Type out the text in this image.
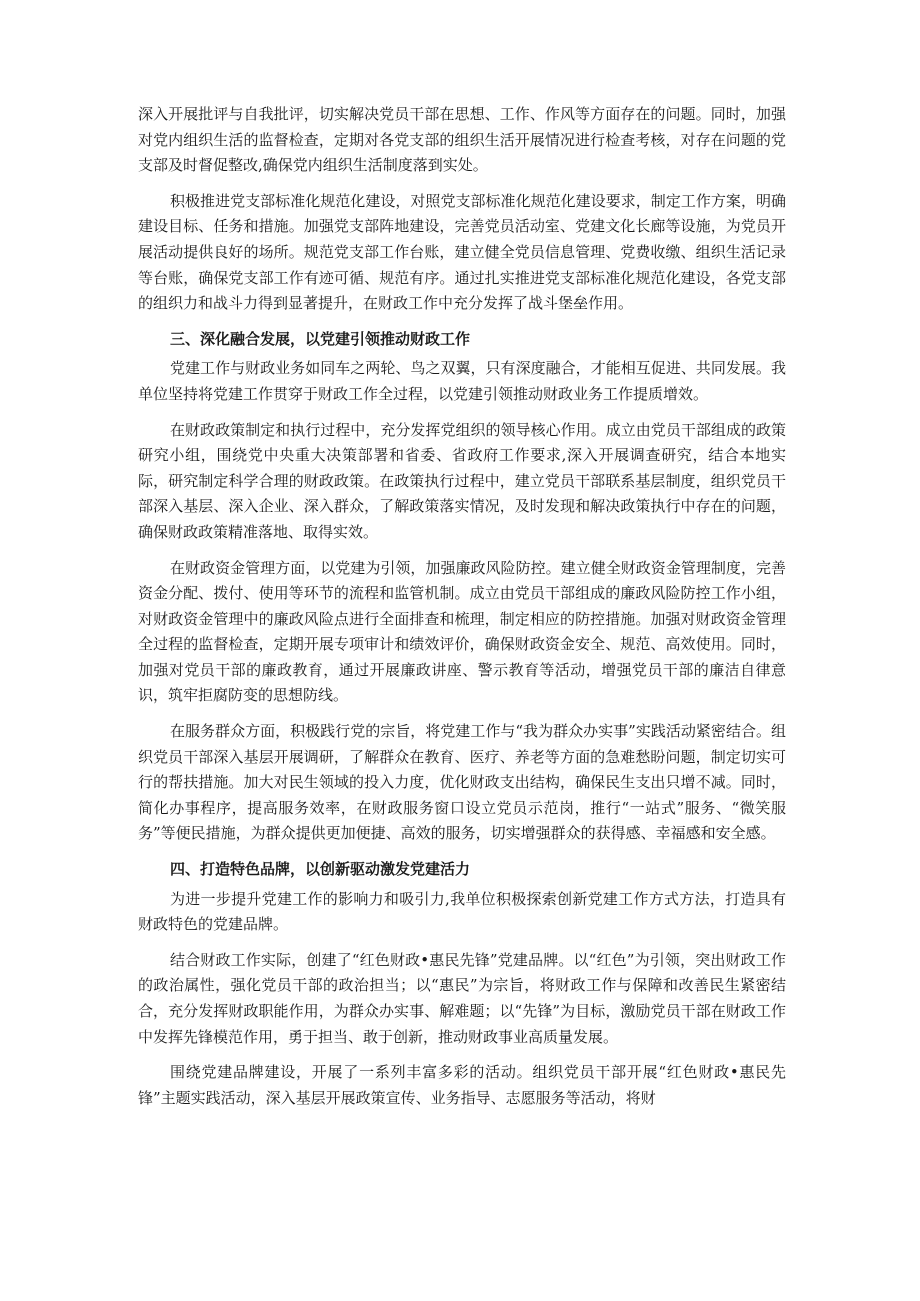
深入开展批评与自我批评，切实解决党员干部在思想、工作、作风等方面存在的问题。同时，加强对党内组织生活的监督检查，定期对各党支部的组织生活开展情况进行检查考核，对存在问题的党支部及时督促整改,确保党内组织生活制度落到实处。

积极推进党支部标准化规范化建设，对照党支部标准化规范化建设要求，制定工作方案，明确建设目标、任务和措施。加强党支部阵地建设，完善党员活动室、党建文化长廊等设施，为党员开展活动提供良好的场所。规范党支部工作台账，建立健全党员信息管理、党费收缴、组织生活记录等台账，确保党支部工作有迹可循、规范有序。通过扎实推进党支部标准化规范化建设，各党支部的组织力和战斗力得到显著提升，在财政工作中充分发挥了战斗堡垒作用。

三、深化融合发展，以党建引领推动财政工作

党建工作与财政业务如同车之两轮、鸟之双翼，只有深度融合，才能相互促进、共同发展。我单位坚持将党建工作贯穿于财政工作全过程，以党建引领推动财政业务工作提质增效。

在财政政策制定和执行过程中，充分发挥党组织的领导核心作用。成立由党员干部组成的政策研究小组，围绕党中央重大决策部署和省委、省政府工作要求,深入开展调查研究，结合本地实际，研究制定科学合理的财政政策。在政策执行过程中，建立党员干部联系基层制度，组织党员干部深入基层、深入企业、深入群众，了解政策落实情况，及时发现和解决政策执行中存在的问题，确保财政政策精准落地、取得实效。

在财政资金管理方面，以党建为引领，加强廉政风险防控。建立健全财政资金管理制度，完善资金分配、拨付、使用等环节的流程和监管机制。成立由党员干部组成的廉政风险防控工作小组，对财政资金管理中的廉政风险点进行全面排查和梳理，制定相应的防控措施。加强对财政资金管理全过程的监督检查，定期开展专项审计和绩效评价，确保财政资金安全、规范、高效使用。同时，加强对党员干部的廉政教育，通过开展廉政讲座、警示教育等活动，增强党员干部的廉洁自律意识，筑牢拒腐防变的思想防线。

在服务群众方面，积极践行党的宗旨，将党建工作与“我为群众办实事”实践活动紧密结合。组织党员干部深入基层开展调研，了解群众在教育、医疗、养老等方面的急难愁盼问题，制定切实可行的帮扶措施。加大对民生领域的投入力度，优化财政支出结构，确保民生支出只增不减。同时，简化办事程序，提高服务效率，在财政服务窗口设立党员示范岗，推行“一站式”服务、“微笑服务”等便民措施，为群众提供更加便捷、高效的服务，切实增强群众的获得感、幸福感和安全感。

四、打造特色品牌，以创新驱动激发党建活力

为进一步提升党建工作的影响力和吸引力,我单位积极探索创新党建工作方式方法，打造具有财政特色的党建品牌。

结合财政工作实际，创建了“红色财政•惠民先锋”党建品牌。以“红色”为引领，突出财政工作的政治属性，强化党员干部的政治担当；以“惠民”为宗旨，将财政工作与保障和改善民生紧密结合，充分发挥财政职能作用，为群众办实事、解难题；以“先锋”为目标，激励党员干部在财政工作中发挥先锋模范作用，勇于担当、敢于创新，推动财政事业高质量发展。

围绕党建品牌建设，开展了一系列丰富多彩的活动。组织党员干部开展“红色财政•惠民先锋”主题实践活动，深入基层开展政策宣传、业务指导、志愿服务等活动，将财
